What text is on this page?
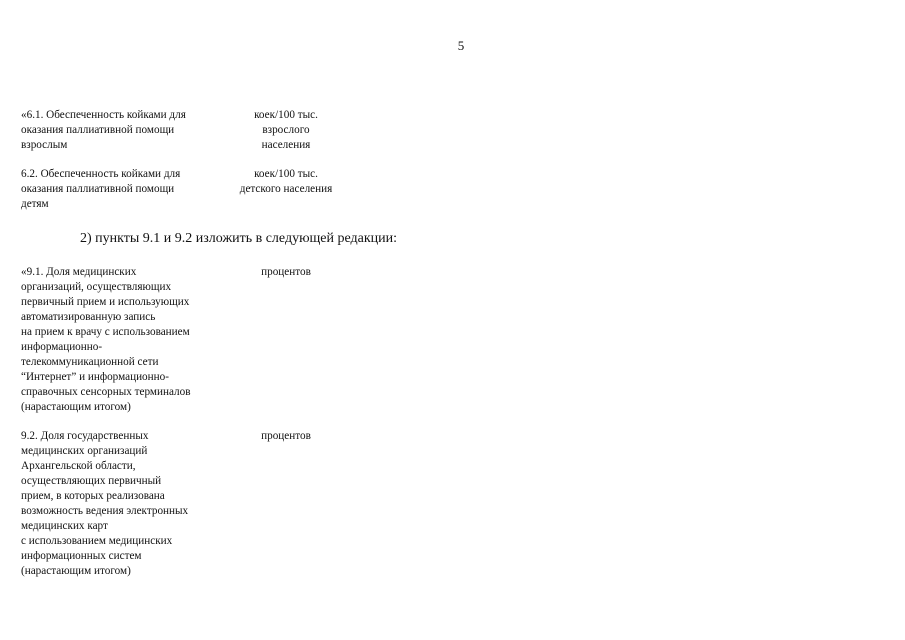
5
«6.1. Обеспеченность койками для
оказания паллиативной помощи
взрослым
коек/100 тыс.
взрослого
населения
6.2. Обеспеченность койками для
оказания паллиативной помощи
детям
коек/100 тыс.
детского населения
2) пункты 9.1 и 9.2 изложить в следующей редакции:
«9.1. Доля медицинских
организаций, осуществляющих
первичный прием и использующих
автоматизированную запись
на прием к врачу с использованием
информационно-
телекоммуникационной сети
“Интернет” и информационно-
справочных сенсорных терминалов
(нарастающим итогом)
процентов
9.2. Доля государственных
медицинских организаций
Архангельской области,
осуществляющих первичный
прием, в которых реализована
возможность ведения электронных
медицинских карт
с использованием медицинских
информационных систем
(нарастающим итогом)
процентов
